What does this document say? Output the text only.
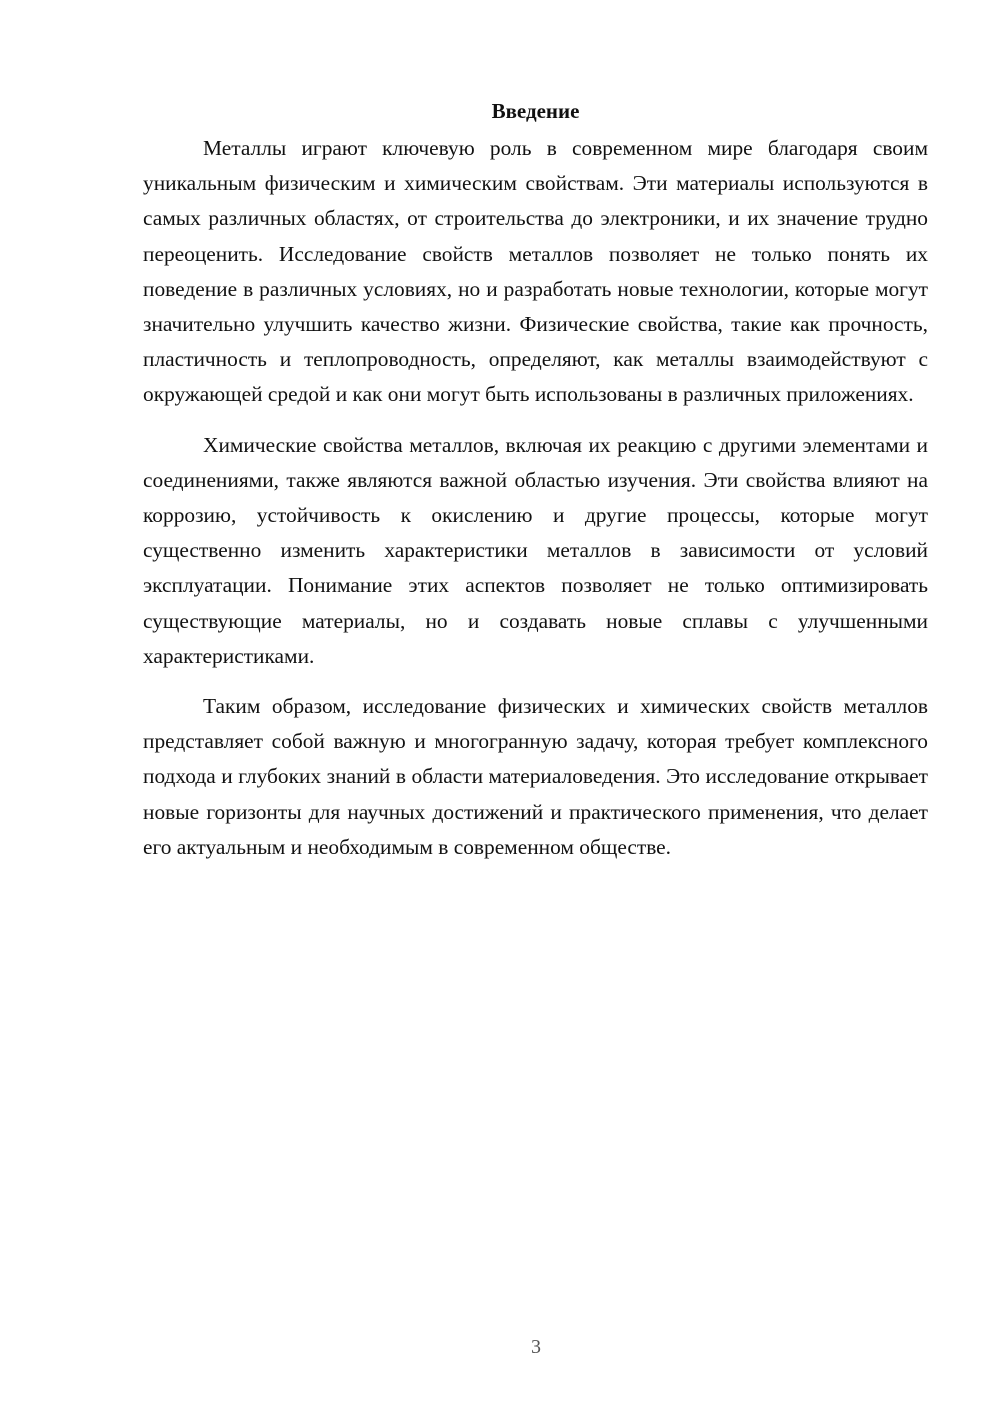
Введение

Металлы играют ключевую роль в современном мире благодаря своим уникальным физическим и химическим свойствам. Эти материалы используются в самых различных областях, от строительства до электроники, и их значение трудно переоценить. Исследование свойств металлов позволяет не только понять их поведение в различных условиях, но и разработать новые технологии, которые могут значительно улучшить качество жизни. Физические свойства, такие как прочность, пластичность и теплопроводность, определяют, как металлы взаимодействуют с окружающей средой и как они могут быть использованы в различных приложениях.

Химические свойства металлов, включая их реакцию с другими элементами и соединениями, также являются важной областью изучения. Эти свойства влияют на коррозию, устойчивость к окислению и другие процессы, которые могут существенно изменить характеристики металлов в зависимости от условий эксплуатации. Понимание этих аспектов позволяет не только оптимизировать существующие материалы, но и создавать новые сплавы с улучшенными характеристиками.

Таким образом, исследование физических и химических свойств металлов представляет собой важную и многогранную задачу, которая требует комплексного подхода и глубоких знаний в области материаловедения. Это исследование открывает новые горизонты для научных достижений и практического применения, что делает его актуальным и необходимым в современном обществе.

3
